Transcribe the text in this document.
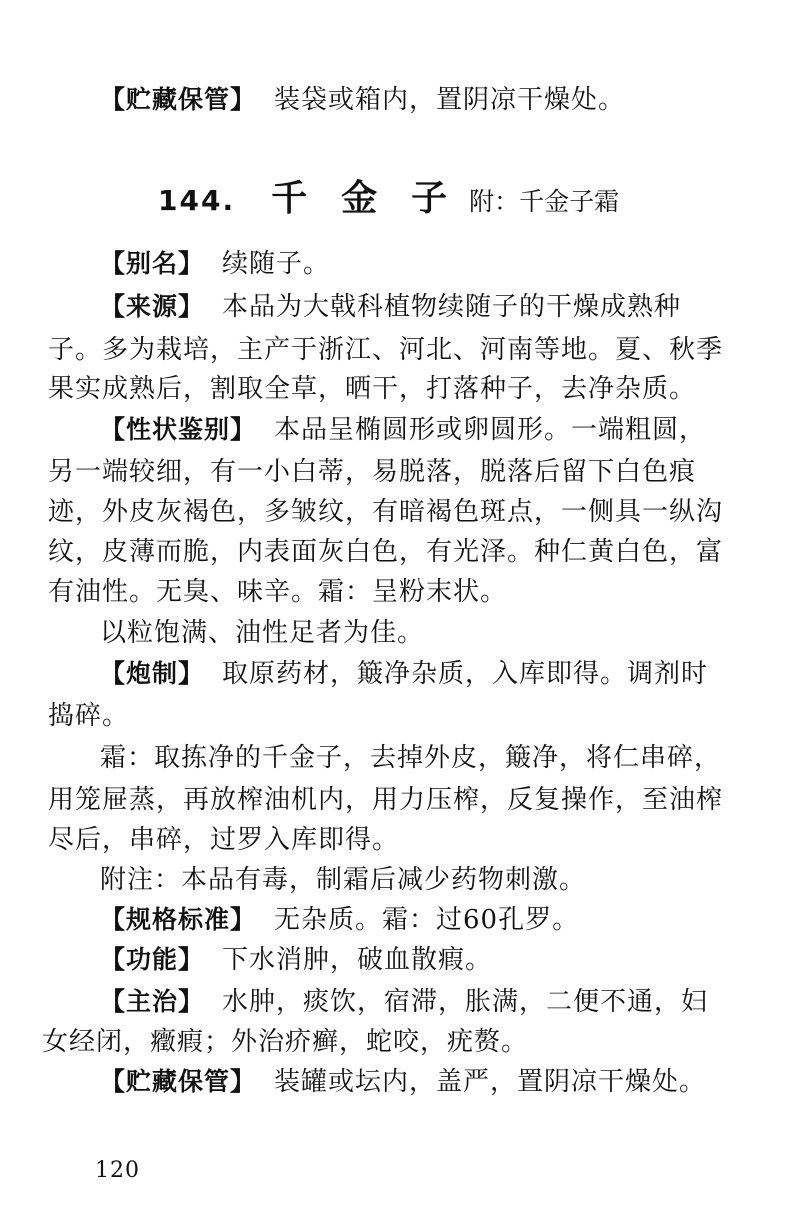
【贮藏保管】 装袋或箱内，置阴凉干燥处。
144. 千金子附：千金子霜
【别名】 续随子。
【来源】 本品为大戟科植物续随子的干燥成熟种
子。多为栽培，主产于浙江、河北、河南等地。夏、秋季
果实成熟后，割取全草，晒干，打落种子，去净杂质。
【性状鉴别】 本品呈椭圆形或卵圆形。一端粗圆，
另一端较细，有一小白蒂，易脱落，脱落后留下白色痕
迹，外皮灰褐色，多皱纹，有暗褐色斑点，一侧具一纵沟
纹，皮薄而脆，内表面灰白色，有光泽。种仁黄白色，富
有油性。无臭、味辛。霜：呈粉末状。
以粒饱满、油性足者为佳。
【炮制】 取原药材，簸净杂质，入库即得。调剂时
捣碎。
霜：取拣净的千金子，去掉外皮，簸净，将仁串碎，
用笼屉蒸，再放榨油机内，用力压榨，反复操作，至油榨
尽后，串碎，过罗入库即得。
附注：本品有毒，制霜后减少药物刺激。
【规格标准】 无杂质。霜：过60孔罗。
【功能】 下水消肿，破血散瘕。
【主治】 水肿，痰饮，宿滞，胀满，二便不通，妇
女经闭，癥瘕；外治疥癣，蛇咬，疣赘。
【贮藏保管】 装罐或坛内，盖严，置阴凉干燥处。
120
